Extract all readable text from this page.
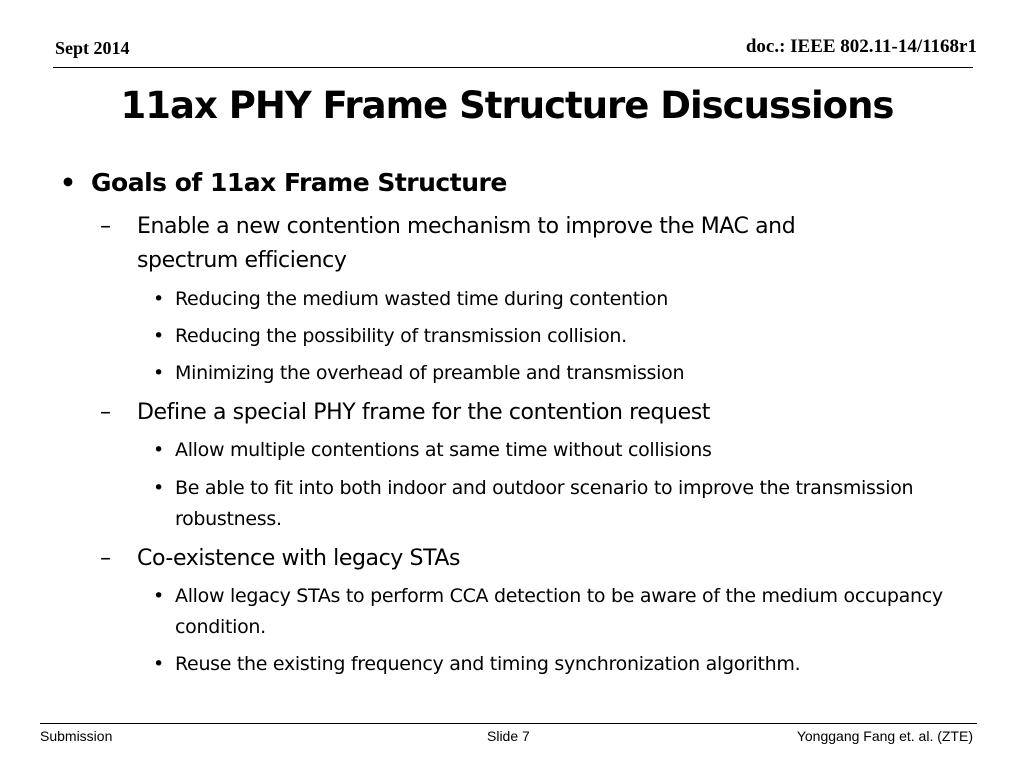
Sept 2014	doc.: IEEE 802.11-14/1168r1
11ax PHY Frame Structure Discussions
• Goals of 11ax Frame Structure
– Enable a new contention mechanism to improve the MAC and spectrum efficiency
• Reducing the medium wasted time during contention
• Reducing the possibility of transmission collision.
• Minimizing the overhead of preamble and transmission
– Define a special PHY frame for the contention request
• Allow multiple contentions at same time without collisions
• Be able to fit into both indoor and outdoor scenario to improve the transmission robustness.
– Co-existence with legacy STAs
• Allow legacy STAs to perform CCA detection to be aware of the medium occupancy condition.
• Reuse the existing frequency and timing synchronization algorithm.
Submission	Slide 7	Yonggang Fang et. al. (ZTE)
